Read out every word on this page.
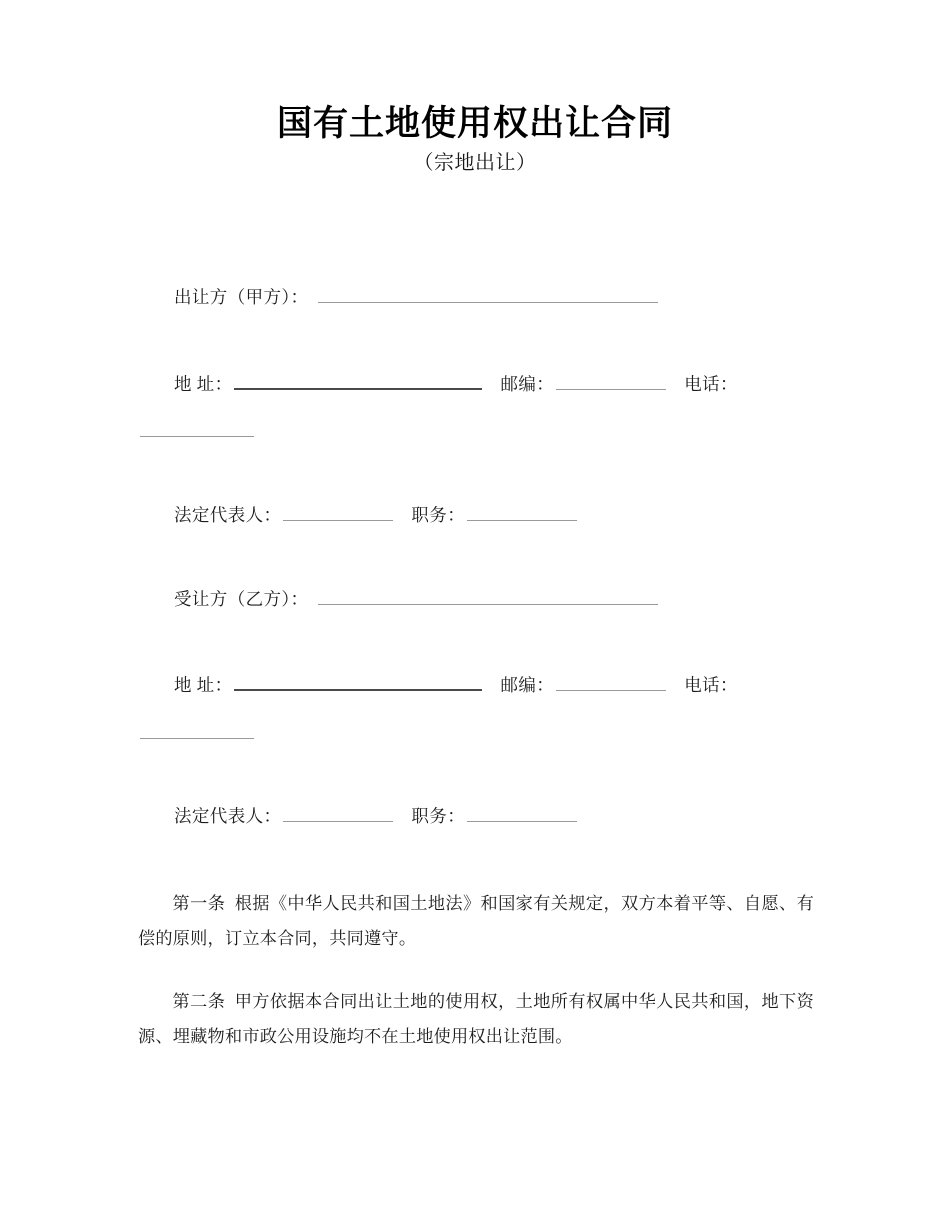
国有土地使用权出让合同
（宗地出让）
出让方（甲方）：
地 址：	邮编：	电话：
法定代表人：	职务：
受让方（乙方）：
地 址：	邮编：	电话：
法定代表人：	职务：

第一条 根据《中华人民共和国土地法》和国家有关规定，双方本着平等、自愿、有偿的原则，订立本合同，共同遵守。

第二条 甲方依据本合同出让土地的使用权，土地所有权属中华人民共和国，地下资源、埋藏物和市政公用设施均不在土地使用权出让范围。
